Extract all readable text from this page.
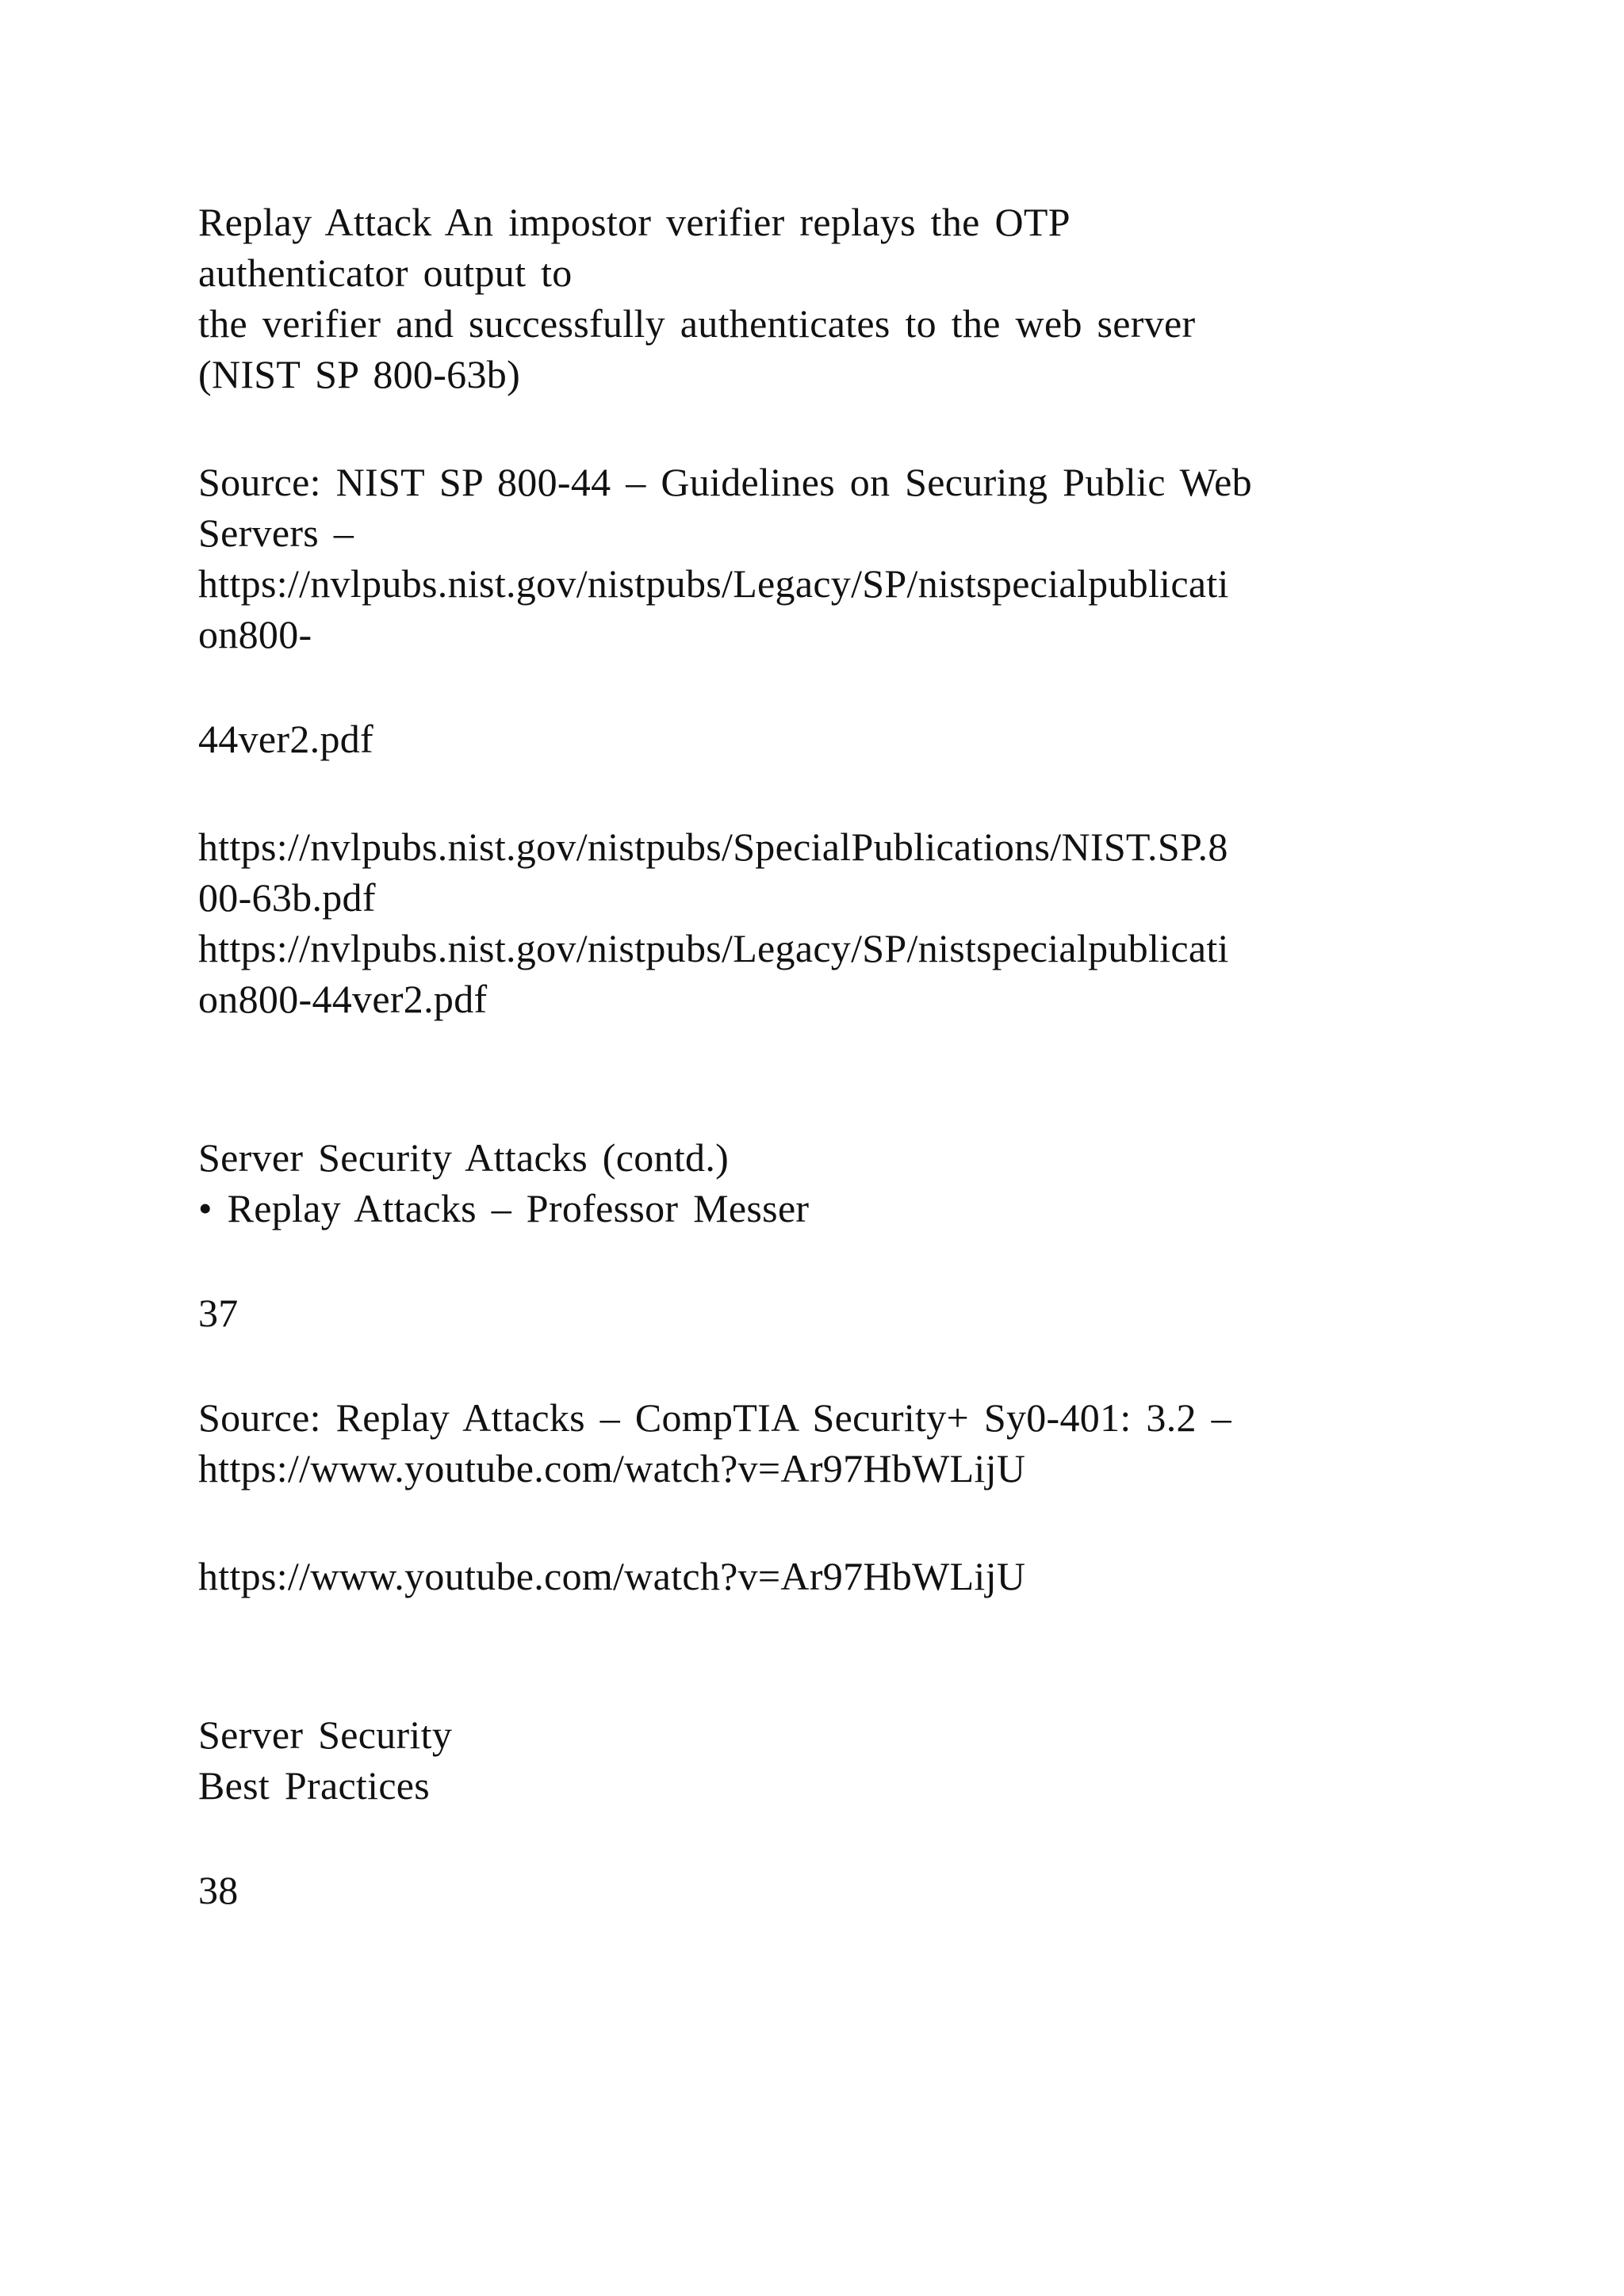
Replay Attack An impostor verifier replays the OTP
authenticator output to
the verifier and successfully authenticates to the web server
(NIST SP 800-63b)
Source: NIST SP 800-44 – Guidelines on Securing Public Web
Servers –
https://nvlpubs.nist.gov/nistpubs/Legacy/SP/nistspecialpublicati
on800-
44ver2.pdf
https://nvlpubs.nist.gov/nistpubs/SpecialPublications/NIST.SP.8
00-63b.pdf
https://nvlpubs.nist.gov/nistpubs/Legacy/SP/nistspecialpublicati
on800-44ver2.pdf
Server Security Attacks (contd.)
• Replay Attacks – Professor Messer
37
Source: Replay Attacks – CompTIA Security+ Sy0-401: 3.2 –
https://www.youtube.com/watch?v=Ar97HbWLijU
https://www.youtube.com/watch?v=Ar97HbWLijU
Server Security
Best Practices
38
